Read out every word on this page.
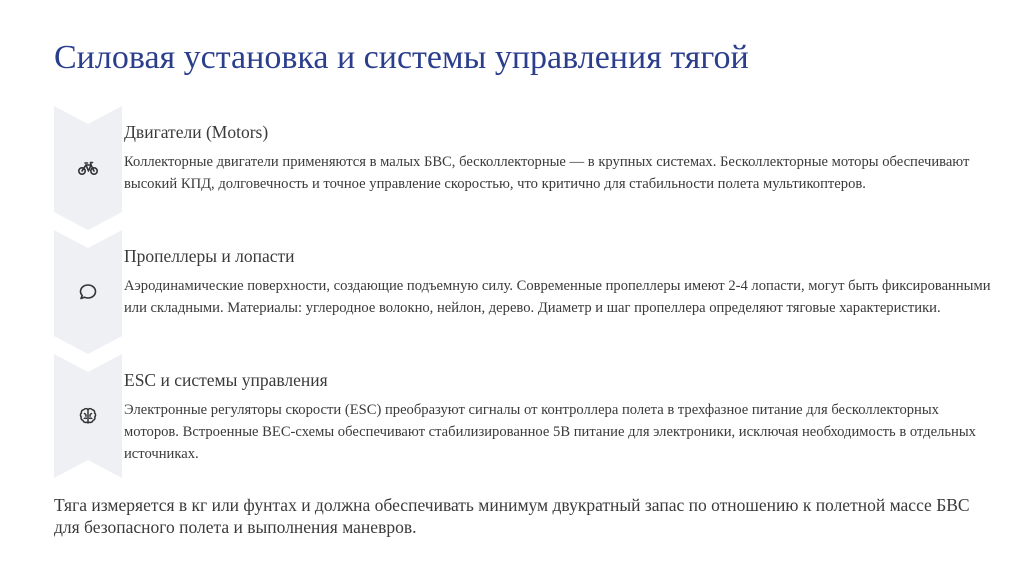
Силовая установка и системы управления тягой
Двигатели (Motors)

Коллекторные двигатели применяются в малых БВС, бесколлекторные — в крупных системах. Бесколлекторные моторы обеспечивают высокий КПД, долговечность и точное управление скоростью, что критично для стабильности полета мультикоптеров.

Пропеллеры и лопасти

Аэродинамические поверхности, создающие подъемную силу. Современные пропеллеры имеют 2-4 лопасти, могут быть фиксированными или складными. Материалы: углеродное волокно, нейлон, дерево. Диаметр и шаг пропеллера определяют тяговые характеристики.

ESC и системы управления

Электронные регуляторы скорости (ESC) преобразуют сигналы от контроллера полета в трехфазное питание для бесколлекторных моторов. Встроенные BEC-схемы обеспечивают стабилизированное 5В питание для электроники, исключая необходимость в отдельных источниках.

Тяга измеряется в кг или фунтах и должна обеспечивать минимум двукратный запас по отношению к полетной массе БВС для безопасного полета и выполнения маневров.
